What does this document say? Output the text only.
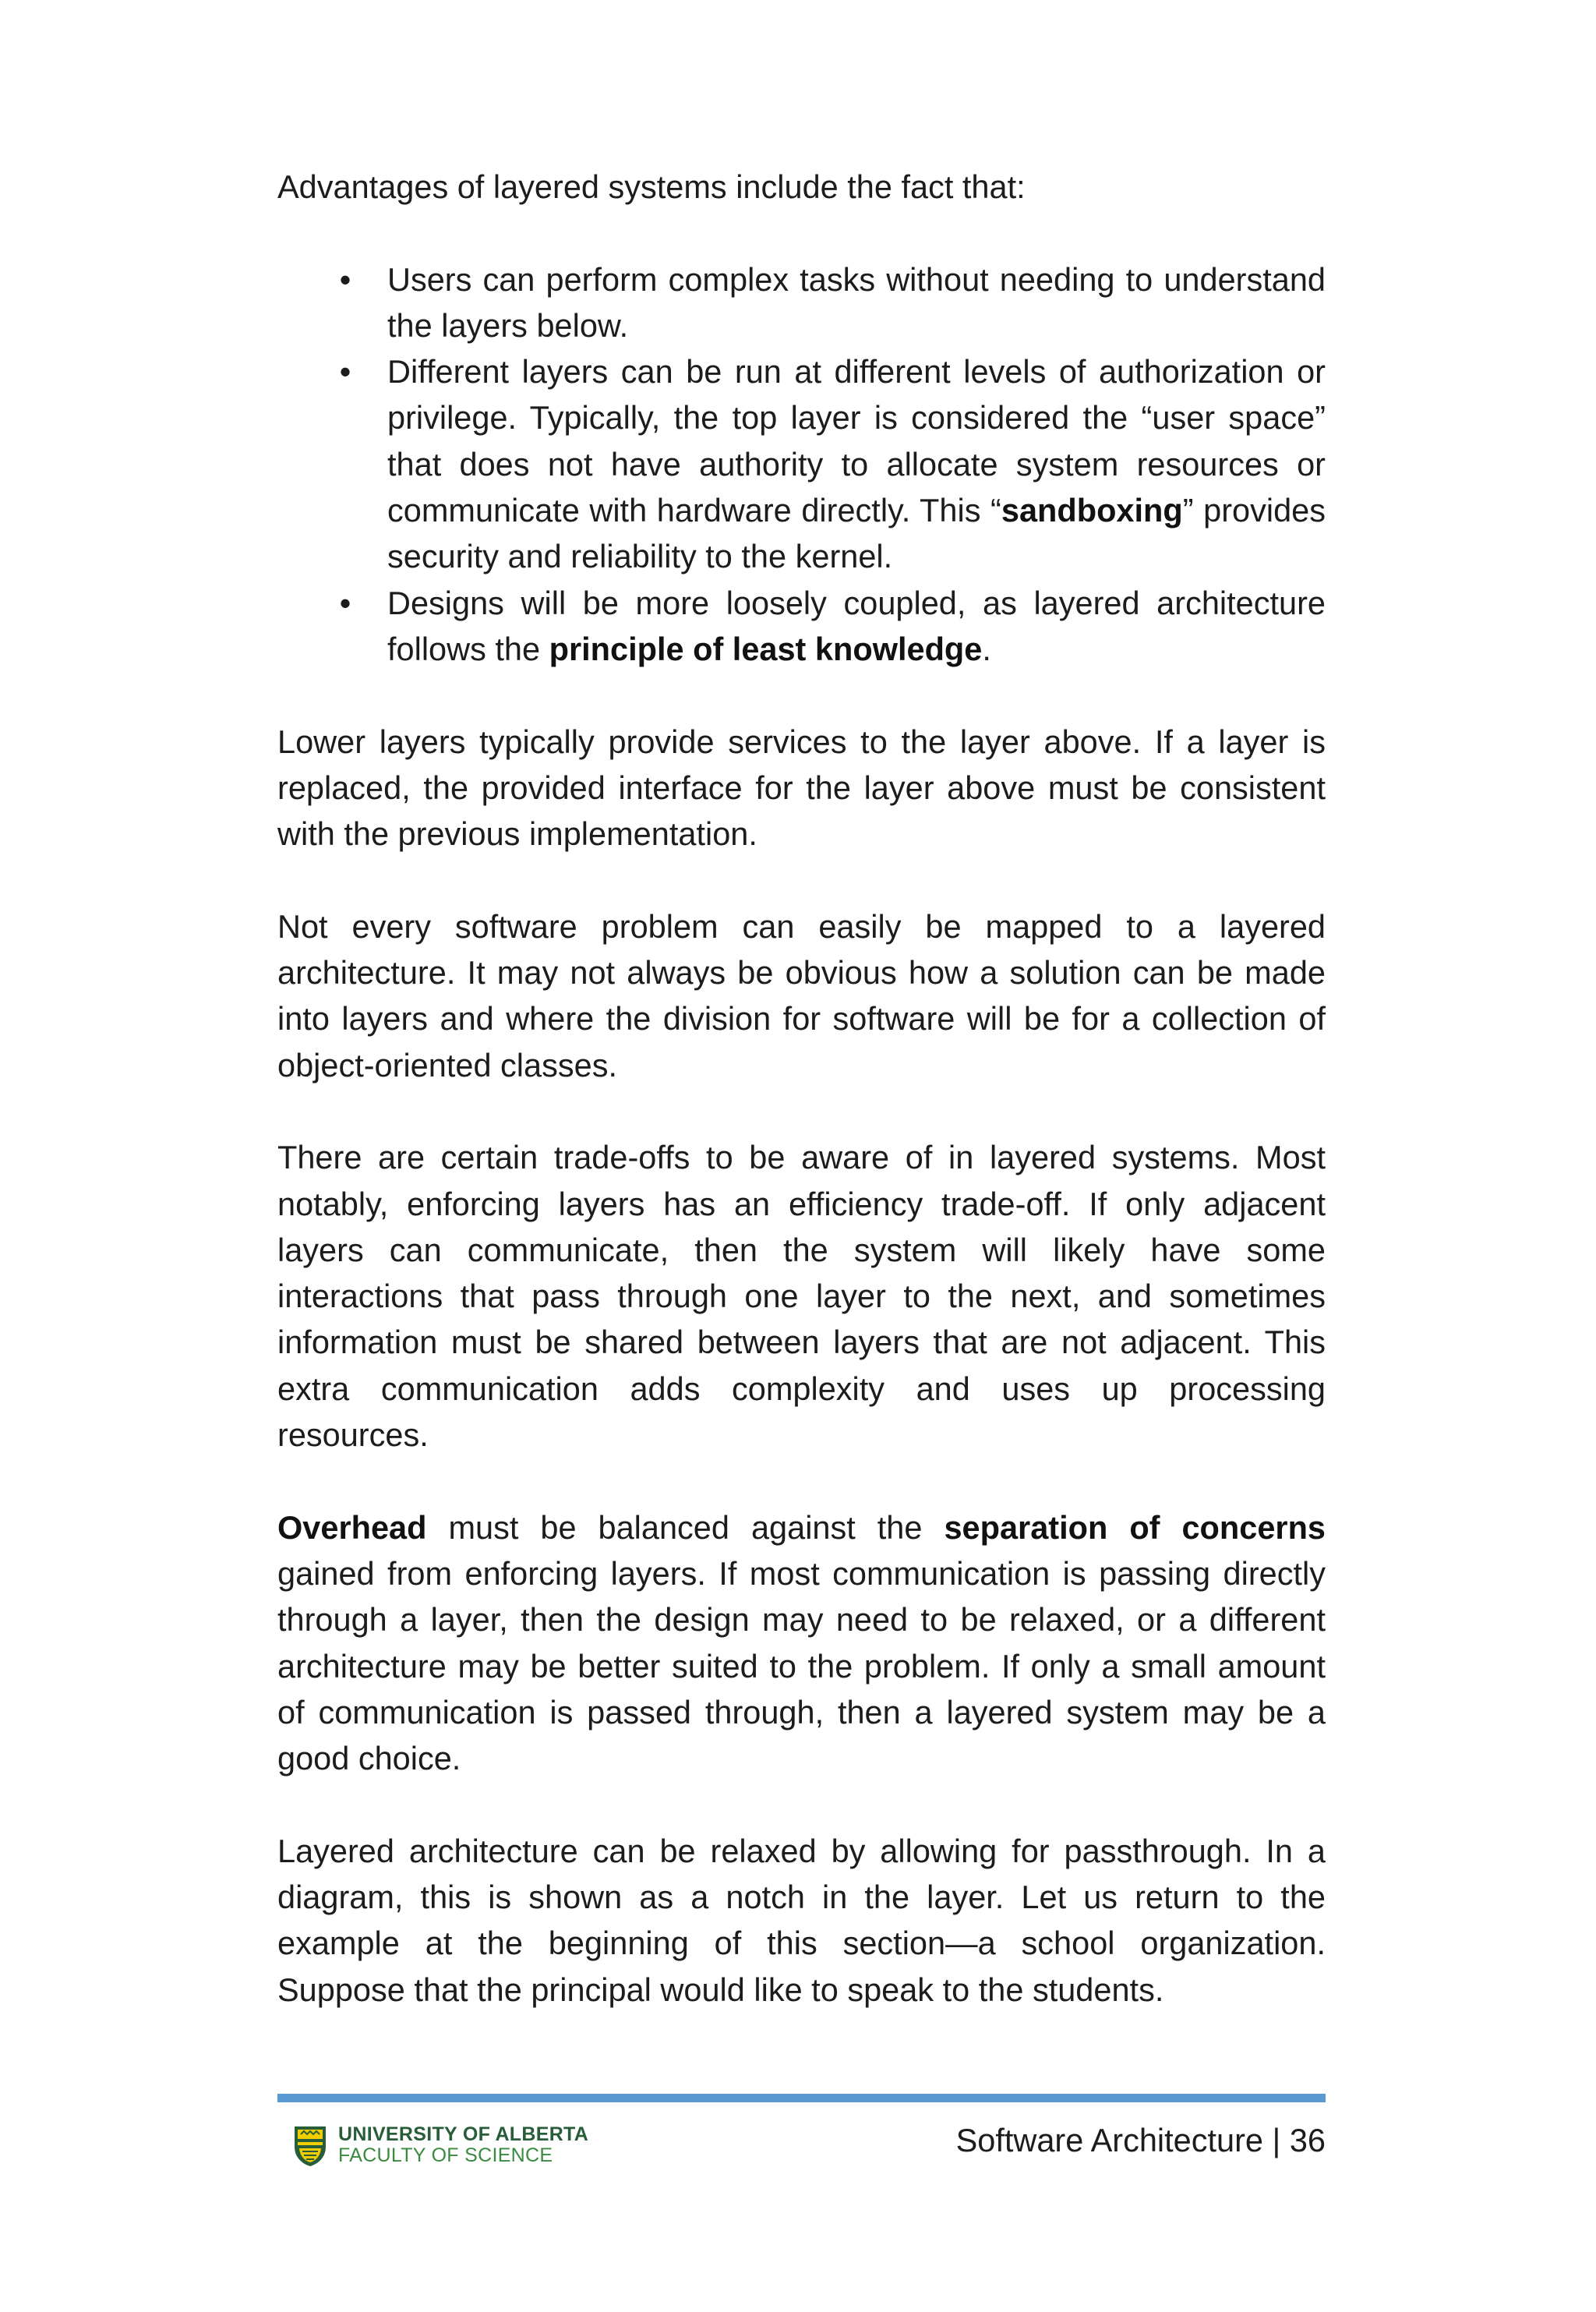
Advantages of layered systems include the fact that:

• Users can perform complex tasks without needing to understand the layers below.
• Different layers can be run at different levels of authorization or privilege. Typically, the top layer is considered the “user space” that does not have authority to allocate system resources or communicate with hardware directly. This “sandboxing” provides security and reliability to the kernel.
• Designs will be more loosely coupled, as layered architecture follows the principle of least knowledge.

Lower layers typically provide services to the layer above. If a layer is replaced, the provided interface for the layer above must be consistent with the previous implementation.

Not every software problem can easily be mapped to a layered architecture. It may not always be obvious how a solution can be made into layers and where the division for software will be for a collection of object-oriented classes.

There are certain trade-offs to be aware of in layered systems. Most notably, enforcing layers has an efficiency trade-off. If only adjacent layers can communicate, then the system will likely have some interactions that pass through one layer to the next, and sometimes information must be shared between layers that are not adjacent. This extra communication adds complexity and uses up processing resources.

Overhead must be balanced against the separation of concerns gained from enforcing layers. If most communication is passing directly through a layer, then the design may need to be relaxed, or a different architecture may be better suited to the problem. If only a small amount of communication is passed through, then a layered system may be a good choice.

Layered architecture can be relaxed by allowing for passthrough. In a diagram, this is shown as a notch in the layer. Let us return to the example at the beginning of this section—a school organization. Suppose that the principal would like to speak to the students.

UNIVERSITY OF ALBERTA
FACULTY OF SCIENCE	Software Architecture | 36
